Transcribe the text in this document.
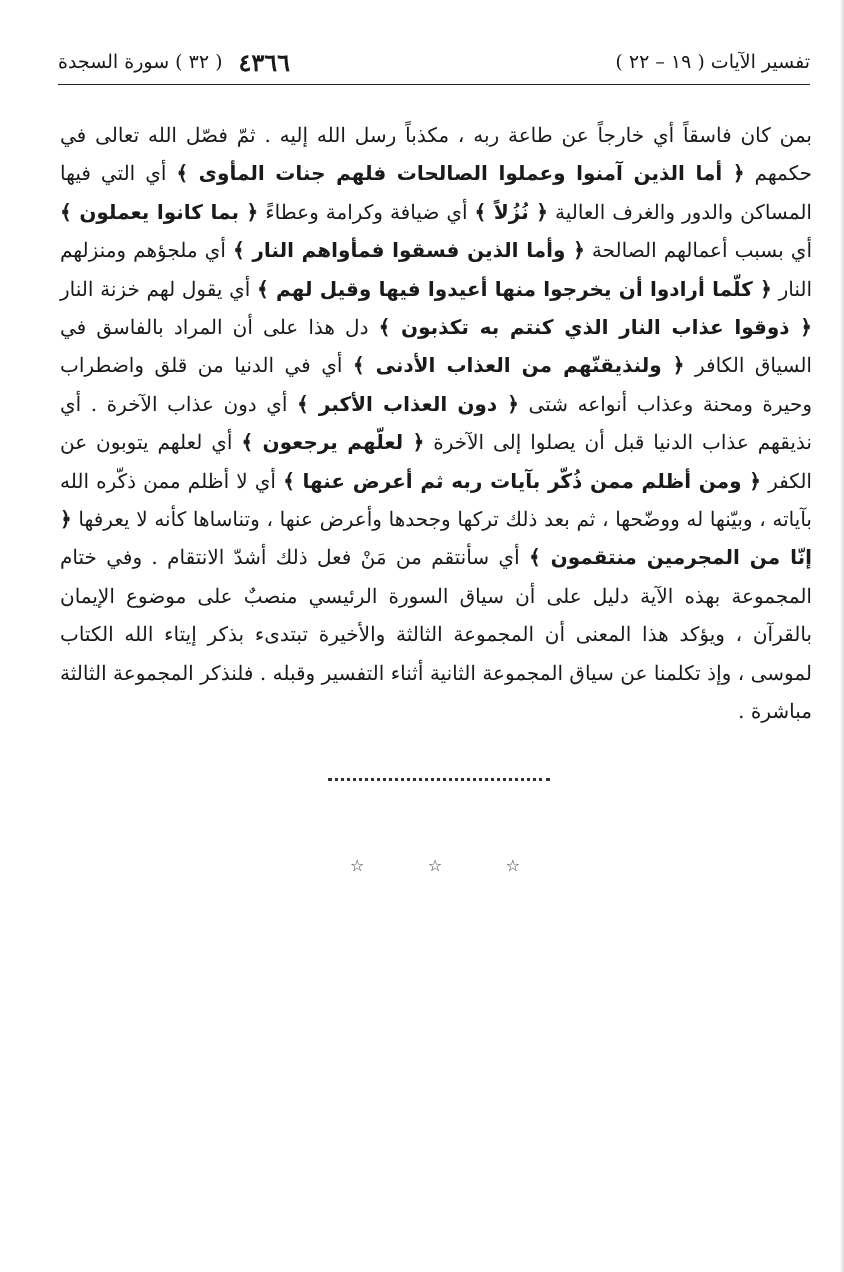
٤٣٦٦
( ٣٢ ) سورة السجدة	تفسير الآيات ( ١٩ – ٢٢ )

بمن كان فاسقاً أي خارجاً عن طاعة ربه ، مكذباً رسل الله إليه . ثمّ فصّل الله تعالى في حكمهم ﴿ أما الذين آمنوا وعملوا الصالحات فلهم جنات المأوى ﴾ أي التي فيها المساكن والدور والغرف العالية ﴿ نُزُلاً ﴾ أي ضيافة وكرامة وعطاءً ﴿ بما كانوا يعملون ﴾ أي بسبب أعمالهم الصالحة ﴿ وأما الذين فسقوا فمأواهم النار ﴾ أي ملجؤهم ومنزلهم النار ﴿ كلّما أرادوا أن يخرجوا منها أعيدوا فيها وقيل لهم ﴾ أي يقول لهم خزنة النار ﴿ ذوقوا عذاب النار الذي كنتم به تكذبون ﴾ دل هذا على أن المراد بالفاسق في السياق الكافر ﴿ ولنذيقنّهم من العذاب الأدنى ﴾ أي في الدنيا من قلق واضطراب وحيرة ومحنة وعذاب أنواعه شتى ﴿ دون العذاب الأكبر ﴾ أي دون عذاب الآخرة . أي نذيقهم عذاب الدنيا قبل أن يصلوا إلى الآخرة ﴿ لعلّهم يرجعون ﴾ أي لعلهم يتوبون عن الكفر ﴿ ومن أظلم ممن ذُكّر بآيات ربه ثم أعرض عنها ﴾ أي لا أظلم ممن ذكّره الله بآياته ، وبيّنها له ووضّحها ، ثم بعد ذلك تركها وجحدها وأعرض عنها ، وتناساها كأنه لا يعرفها ﴿ إنّا من المجرمين منتقمون ﴾ أي سأنتقم من مَنْ فعل ذلك أشدّ الانتقام . وفي ختام المجموعة بهذه الآية دليل على أن سياق السورة الرئيسي منصبٌ على موضوع الإيمان بالقرآن ، ويؤكد هذا المعنى أن المجموعة الثالثة والأخيرة تبتدىء بذكر إيتاء الله الكتاب لموسى ، وإذ تكلمنا عن سياق المجموعة الثانية أثناء التفسير وقبله . فلنذكر المجموعة الثالثة مباشرة .

☆	☆	☆
